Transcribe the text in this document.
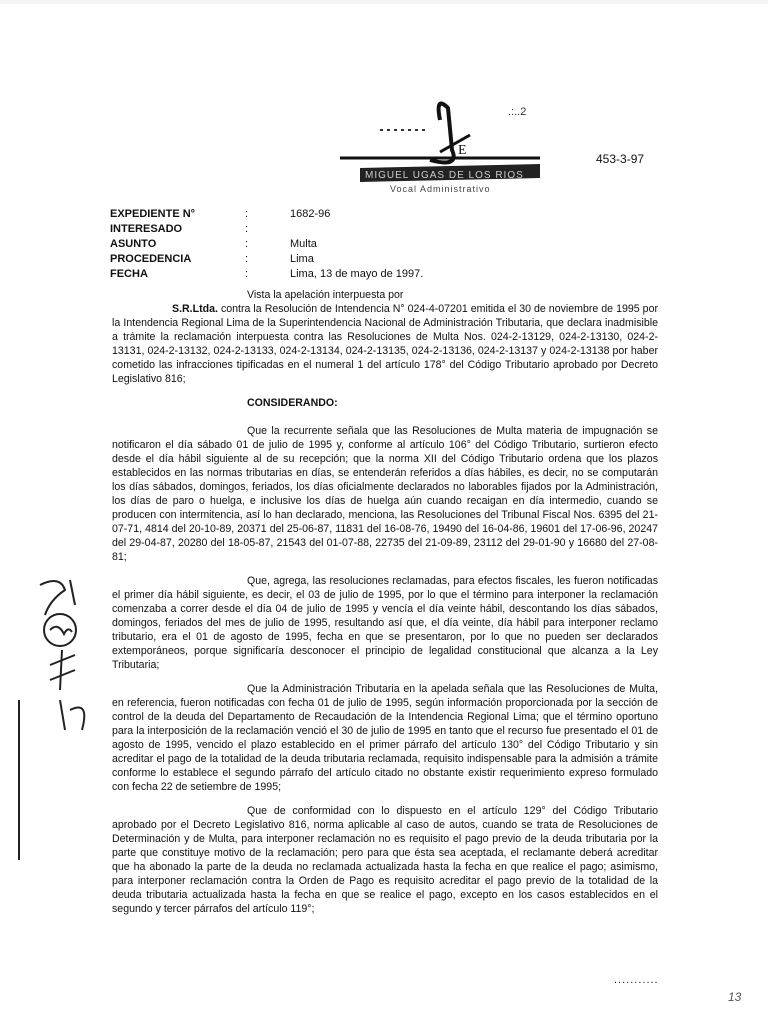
.:..2
E
MIGUEL UGAS DE LOS RIOS
Vocal Administrativo
453-3-97
EXPEDIENTE N°	:	1682-96
INTERESADO	:
ASUNTO	:	Multa
PROCEDENCIA	:	Lima
FECHA	:	Lima, 13 de mayo de 1997.

Vista la apelación interpuesta por
S.R.Ltda. contra la Resolución de Intendencia N° 024-4-07201 emitida el 30 de noviembre de 1995 por la Intendencia Regional Lima de la Superintendencia Nacional de Administración Tributaria, que declara inadmisible a trámite la reclamación interpuesta contra las Resoluciones de Multa Nos. 024-2-13129, 024-2-13130, 024-2-13131, 024-2-13132, 024-2-13133, 024-2-13134, 024-2-13135, 024-2-13136, 024-2-13137 y 024-2-13138 por haber cometido las infracciones tipificadas en el numeral 1 del artículo 178° del Código Tributario aprobado por Decreto Legislativo 816;

CONSIDERANDO:

Que la recurrente señala que las Resoluciones de Multa materia de impugnación se notificaron el día sábado 01 de julio de 1995 y, conforme al artículo 106° del Código Tributario, surtieron efecto desde el día hábil siguiente al de su recepción; que la norma XII del Código Tributario ordena que los plazos establecidos en las normas tributarias en días, se entenderán referidos a días hábiles, es decir, no se computarán los días sábados, domingos, feriados, los días oficialmente declarados no laborables fijados por la Administración, los días de paro o huelga, e inclusive los días de huelga aún cuando recaigan en día intermedio, cuando se producen con intermitencia, así lo han declarado, menciona, las Resoluciones del Tribunal Fiscal Nos. 6395 del 21-07-71, 4814 del 20-10-89, 20371 del 25-06-87, 11831 del 16-08-76, 19490 del 16-04-86, 19601 del 17-06-96, 20247 del 29-04-87, 20280 del 18-05-87, 21543 del 01-07-88, 22735 del 21-09-89, 23112 del 29-01-90 y 16680 del 27-08-81;

Que, agrega, las resoluciones reclamadas, para efectos fiscales, les fueron notificadas el primer día hábil siguiente, es decir, el 03 de julio de 1995, por lo que el término para interponer la reclamación comenzaba a correr desde el día 04 de julio de 1995 y vencía el día veinte hábil, descontando los días sábados, domingos, feriados del mes de julio de 1995, resultando así que, el día veinte, día hábil para interponer reclamo tributario, era el 01 de agosto de 1995, fecha en que se presentaron, por lo que no pueden ser declarados extemporáneos, porque significaría desconocer el principio de legalidad constitucional que alcanza a la Ley Tributaria;

Que la Administración Tributaria en la apelada señala que las Resoluciones de Multa, en referencia, fueron notificadas con fecha 01 de julio de 1995, según información proporcionada por la sección de control de la deuda del Departamento de Recaudación de la Intendencia Regional Lima; que el término oportuno para la interposición de la reclamación venció el 30 de julio de 1995 en tanto que el recurso fue presentado el 01 de agosto de 1995, vencido el plazo establecido en el primer párrafo del artículo 130° del Código Tributario y sin acreditar el pago de la totalidad de la deuda tributaria reclamada, requisito indispensable para la admisión a trámite conforme lo establece el segundo párrafo del artículo citado no obstante existir requerimiento expreso formulado con fecha 22 de setiembre de 1995;

Que de conformidad con lo dispuesto en el artículo 129° del Código Tributario aprobado por el Decreto Legislativo 816, norma aplicable al caso de autos, cuando se trata de Resoluciones de Determinación y de Multa, para interponer reclamación no es requisito el pago previo de la deuda tributaria por la parte que constituye motivo de la reclamación; pero para que ésta sea aceptada, el reclamante deberá acreditar que ha abonado la parte de la deuda no reclamada actualizada hasta la fecha en que realice el pago; asimismo, para interponer reclamación contra la Orden de Pago es requisito acreditar el pago previo de la totalidad de la deuda tributaria actualizada hasta la fecha en que se realice el pago, excepto en los casos establecidos en el segundo y tercer párrafos del artículo 119°;

...........
13
